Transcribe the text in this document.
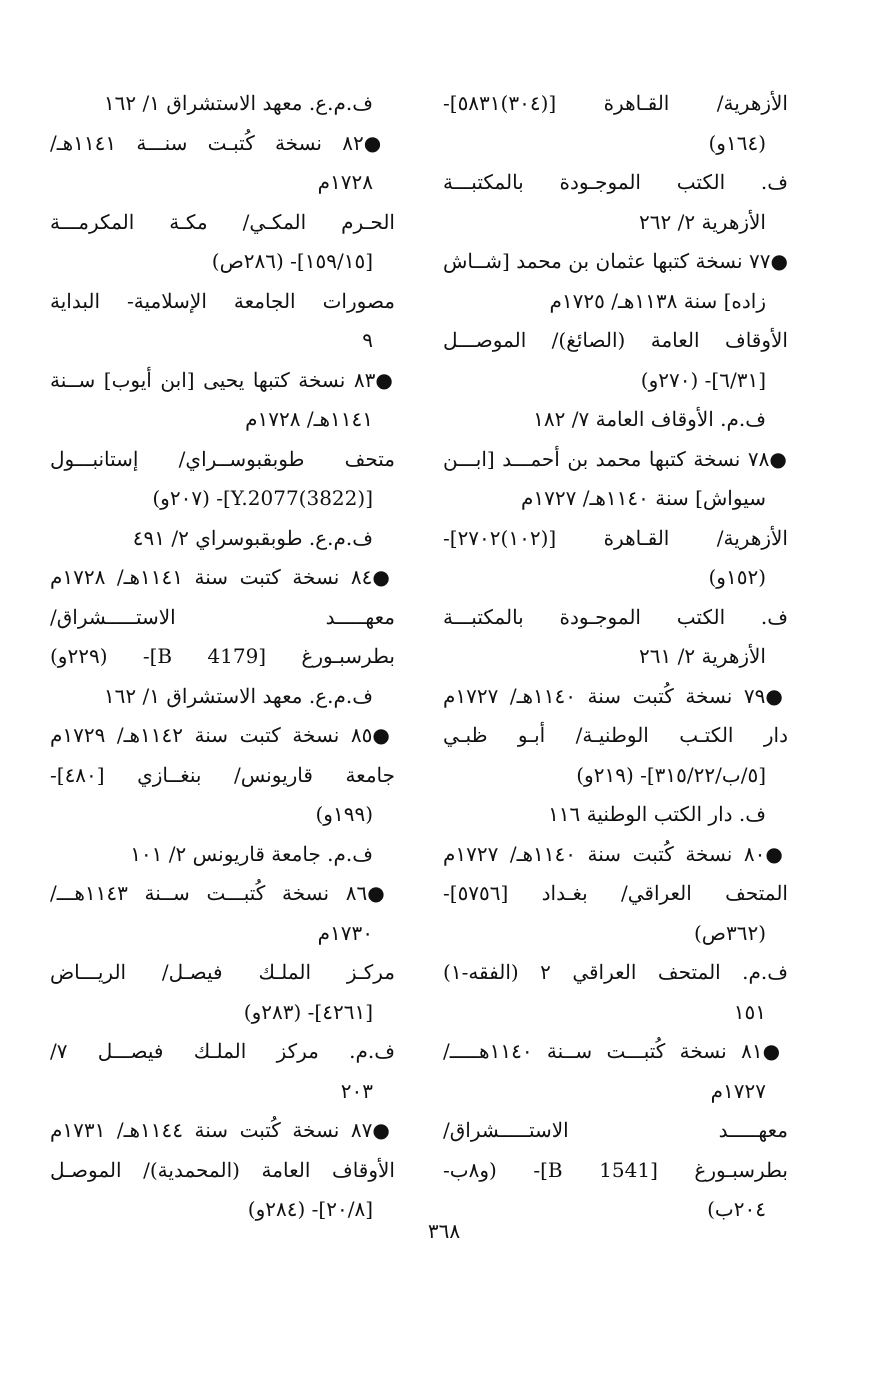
الأزهرية/ القـاهرة [(٣٠٤)٥٨٣١]-
(١٦٤و)
ف. الكتب الموجـودة بالمكتبـــة
الأزهرية ٢/ ٢٦٢
●٧٧ نسخة كتبها عثمان بن محمد [شــاش
زاده] سنة ١١٣٨هـ/ ١٧٢٥م
الأوقاف العامة (الصائغ)/ الموصـــل
[٦/٣١]- (٢٧٠و)
ف.م. الأوقاف العامة ٧/ ١٨٢
●٧٨ نسخة كتبها محمد بن أحمـــد [ابـــن
سيواش] سنة ١١٤٠هـ/ ١٧٢٧م
الأزهرية/ القـاهرة [(١٠٢)٢٧٠٢]-
(١٥٢و)
ف. الكتب الموجـودة بالمكتبـــة
الأزهرية ٢/ ٢٦١
●٧٩ نسخة كُتبت سنة ١١٤٠هـ/ ١٧٢٧م
دار الكتـب الوطنيـة/ أبـو ظبـي
[٥/ب/٣١٥/٢٢]- (٢١٩و)
ف. دار الكتب الوطنية ١١٦
●٨٠ نسخة كُتبت سنة ١١٤٠هـ/ ١٧٢٧م
المتحف العراقي/ بغـداد [٥٧٥٦]-
(٣٦٢ص)
ف.م. المتحف العراقي ٢ (الفقه-١)
١٥١
●٨١ نسخة كُتبـــت ســنة ١١٤٠هـــــ/
١٧٢٧م
معهـــــد الاستـــــشراق/
بطرسبـورغ [B 1541]- (و٨ب-
٢٠٤ب)
ف.م.ع. معهد الاستشراق ١/ ١٦٢
●٨٢ نسخة كُتبـت سنـــة ١١٤١هـ/
١٧٢٨م
الحـرم المكـي/ مكـة المكرمـــة
[١٥٩/١٥]- (٢٨٦ص)
مصورات الجامعة الإسلامية- البداية
٩
●٨٣ نسخة كتبها يحيى [ابن أيوب] ســنة
١١٤١هـ/ ١٧٢٨م
متحف طوبقبوســراي/ إستانبـــول
[Y.2077(3822)]- (٢٠٧و)
ف.م.ع. طوبقبوسراي ٢/ ٤٩١
●٨٤ نسخة كتبت سنة ١١٤١هـ/ ١٧٢٨م
معهـــــد الاستـــــشراق/
بطرسبـورغ [B 4179]- (٢٢٩و)
ف.م.ع. معهد الاستشراق ١/ ١٦٢
●٨٥ نسخة كتبت سنة ١١٤٢هـ/ ١٧٢٩م
جامعة قاريونس/ بنغــازي [٤٨٠]-
(١٩٩و)
ف.م. جامعة قاريونس ٢/ ١٠١
●٨٦ نسخة كُتبـــت ســنة ١١٤٣هـــ/
١٧٣٠م
مركـز الملـك فيصـل/ الريـــاض
[٤٢٦١]- (٢٨٣و)
ف.م. مركز الملـك فيصـــل ٧/
٢٠٣
●٨٧ نسخة كُتبت سنة ١١٤٤هـ/ ١٧٣١م
الأوقاف العامة (المحمدية)/ الموصـل
[٢٠/٨]- (٢٨٤و)
٣٦٨
